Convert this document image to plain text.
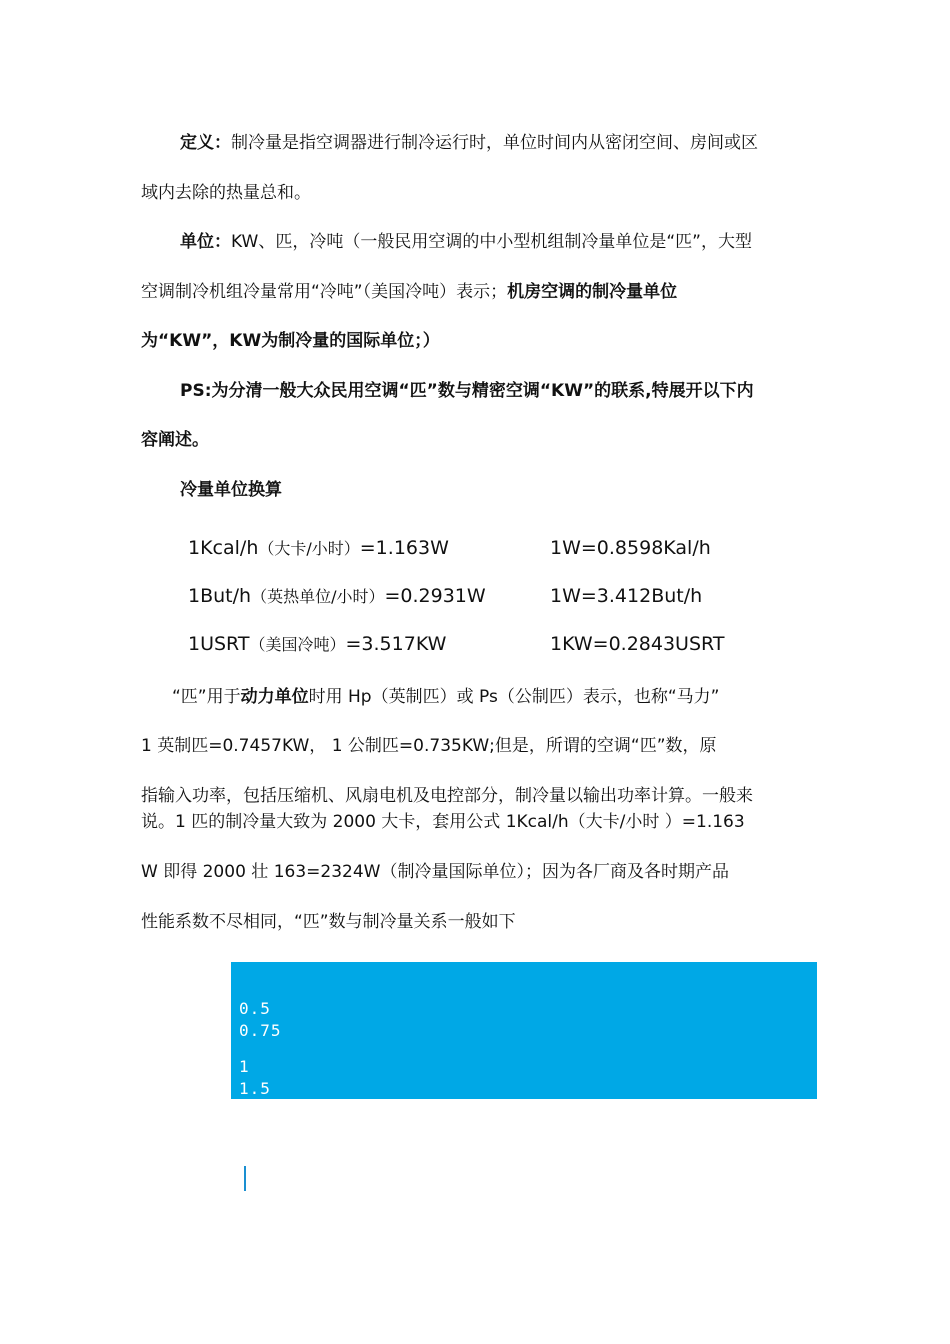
定义：制冷量是指空调器进行制冷运行时，单位时间内从密闭空间、房间或区
域内去除的热量总和。
单位：KW、匹，冷吨（一般民用空调的中小型机组制冷量单位是“匹”，大型
空调制冷机组冷量常用“冷吨”（美国冷吨）表示；机房空调的制冷量单位
为“KW”，KW为制冷量的国际单位；）
PS:为分清一般大众民用空调“匹”数与精密空调“KW”的联系,特展开以下内
容阐述。
冷量单位换算
1Kcal/h（大卡/小时）=1.163W	1W=0.8598Kal/h
1But/h（英热单位/小时）=0.2931W	1W=3.412But/h
1USRT（美国冷吨）=3.517KW	1KW=0.2843USRT
“匹”用于动力单位时用 Hp（英制匹）或 Ps（公制匹）表示，也称“马力”
1 英制匹=0.7457KW， 1 公制匹=0.735KW;但是，所谓的空调“匹”数，原
指输入功率，包括压缩机、风扇电机及电控部分，制冷量以输出功率计算。一般来
说。1 匹的制冷量大致为 2000 大卡，套用公式 1Kcal/h（大卡/小时 ）=1.163
W 即得 2000 壮 163=2324W（制冷量国际单位）；因为各厂商及各时期产品
性能系数不尽相同，“匹”数与制冷量关系一般如下
0.5
0.75
1
1.5
